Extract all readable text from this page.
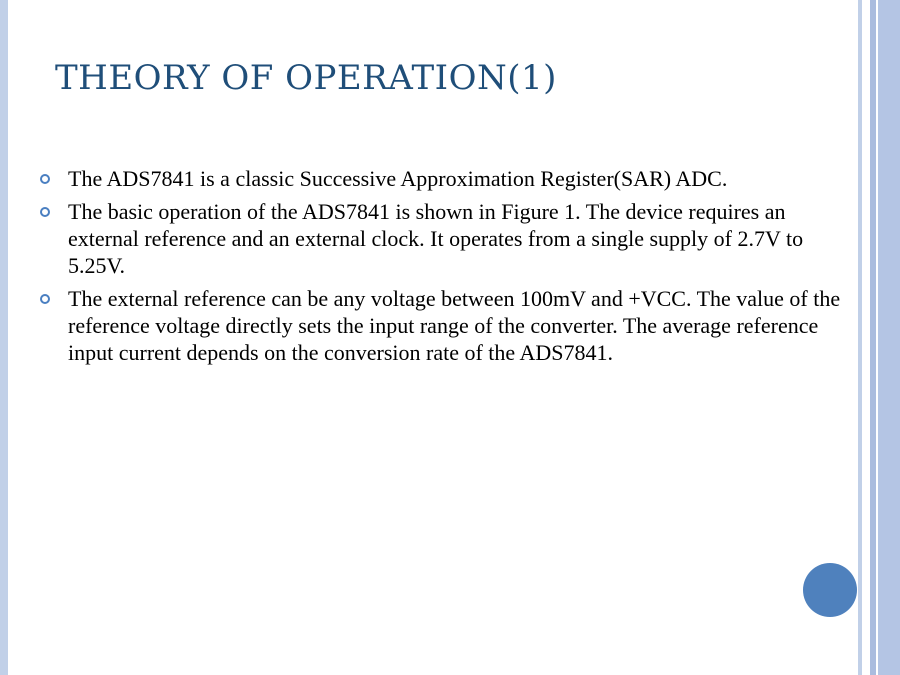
THEORY OF OPERATION(1)
The ADS7841 is a classic Successive Approximation Register(SAR) ADC.
The basic operation of the ADS7841 is shown in Figure 1. The device requires an external reference and an external clock. It operates from a single supply of 2.7V to 5.25V.
The external reference can be any voltage between 100mV and +VCC. The value of the reference voltage directly sets the input range of the converter. The average reference input current depends on the conversion rate of the ADS7841.
